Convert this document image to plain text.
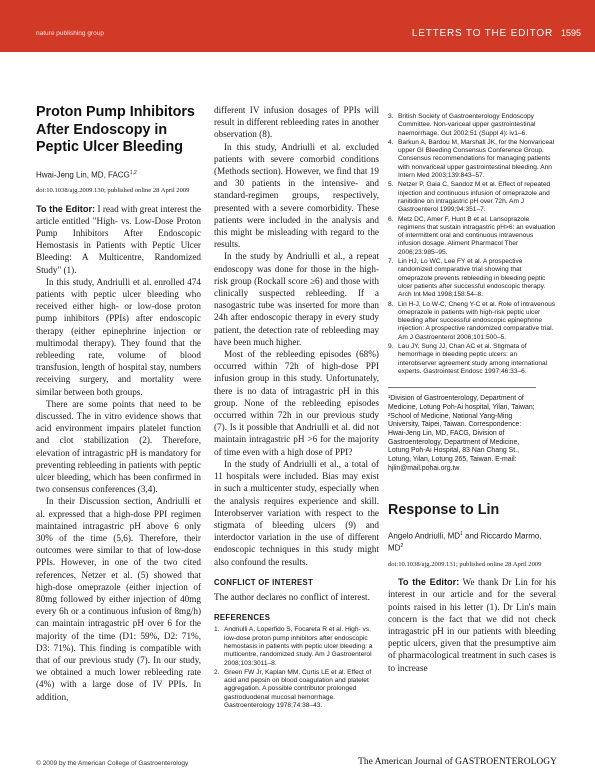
nature publishing group	LETTERS TO THE EDITOR 1595
Proton Pump Inhibitors After Endoscopy in Peptic Ulcer Bleeding
Hwai-Jeng Lin, MD, FACG$^{1,2}$
doi:10.1038/ajg.2009.130; published online 28 April 2009

To the Editor: I read with great interest the article entitled "High- vs. Low-Dose Proton Pump Inhibitors After Endoscopic Hemostasis in Patients with Peptic Ulcer Bleeding: A Multicentre, Randomized Study" (1).

In this study, Andriulli et al. enrolled 474 patients with peptic ulcer bleeding who received either high- or low-dose proton pump inhibitors (PPIs) after endoscopic therapy (either epinephrine injection or multimodal therapy). They found that the rebleeding rate, volume of blood transfusion, length of hospital stay, numbers receiving surgery, and mortality were similar between both groups.

There are some points that need to be discussed. The in vitro evidence shows that acid environment impairs platelet function and clot stabilization (2). Therefore, elevation of intragastric pH is mandatory for preventing rebleeding in patients with peptic ulcer bleeding, which has been confirmed in two consensus conferences (3,4).

In their Discussion section, Andriulli et al. expressed that a high-dose PPI regimen maintained intragastric pH above 6 only 30% of the time (5,6). Therefore, their outcomes were similar to that of low-dose PPIs. However, in one of the two cited references, Netzer et al. (5) showed that high-dose omeprazole (either injection of 80mg followed by either injection of 40mg every 6h or a continuous infusion of 8mg/h) can maintain intragastric pH over 6 for the majority of the time (D1: 59%, D2: 71%, D3: 71%). This finding is compatible with that of our previous study (7). In our study, we obtained a much lower rebleeding rate (4%) with a large dose of IV PPIs. In addition,

different IV infusion dosages of PPIs will result in different rebleeding rates in another observation (8).

In this study, Andriulli et al. excluded patients with severe comorbid conditions (Methods section). However, we find that 19 and 30 patients in the intensive- and standard-regimen groups, respectively, presented with a severe comorbidity. These patients were included in the analysis and this might be misleading with regard to the results.

In the study by Andriulli et al., a repeat endoscopy was done for those in the high-risk group (Rockall score ≥6) and those with clinically suspected rebleeding. If a nasogastric tube was inserted for more than 24h after endoscopic therapy in every study patient, the detection rate of rebleeding may have been much higher.

Most of the rebleeding episodes (68%) occurred within 72h of high-dose PPI infusion group in this study. Unfortunately, there is no data of intragastric pH in this group. None of the rebleeding episodes occurred within 72h in our previous study (7). Is it possible that Andriulli et al. did not maintain intragastric pH >6 for the majority of time even with a high dose of PPI?

In the study of Andriulli et al., a total of 11 hospitals were included. Bias may exist in such a multicenter study, especially when the analysis requires experience and skill. Interobserver variation with respect to the stigmata of bleeding ulcers (9) and interdoctor variation in the use of different endoscopic techniques in this study might also confound the results.

CONFLICT OF INTEREST

The author declares no conflict of interest.

REFERENCES
1. Andriulli A, Loperfido S, Focareta R et al. High- vs. low-dose proton pump inhibitors after endoscopic hemostasis in patients with peptic ulcer bleeding: a multicentre, randomized study. Am J Gastroenterol 2008;103:3011–8.
2. Green FW Jr, Kaplan MM, Curtis LE et al. Effect of acid and pepsin on blood coagulation and platelet aggregation. A possible contributor prolonged gastroduodenal mucosal hemorrhage. Gastroenterology 1978;74:38–43.
3. British Society of Gastroenterology Endoscopy Committee. Non-variceal upper gastrointestinal haemorrhage. Gut 2002;51 (Suppl 4): iv1–6.
4. Barkun A, Bardou M, Marshall JK, for the Nonvariceal upper GI Bleeding Consensus Conference Group. Consensus recommendations for managing patients with nonvariceal upper gastrointestinal bleeding. Ann Intern Med 2003;139:843–57.
5. Netzer P, Gaia C, Sandoz M et al. Effect of repeated injection and continuous infusion of omeprazole and ranitidine on intragastric pH over 72h. Am J Gastroenterol 1999;94:351–7.
6. Metz DC, Amer F, Hunt B et al. Lansoprazole regimens that sustain intragastric pH>6: an evaluation of intermittent oral and continuous intravenous infusion dosage. Aliment Pharmacol Ther 2006;23:985–95.
7. Lin HJ, Lo WC, Lee FY et al. A prospective randomized comparative trial showing that omeprazole prevents rebleeding in bleeding peptic ulcer patients after successful endoscopic therapy. Arch Int Med 1998;158:54–8.
8. Lin H-J, Lo W-C, Cheng Y-C et al. Role of intravenous omeprazole in patients with high-risk peptic ulcer bleeding after successful endoscopic epinephrine injection: A prospective randomized comparative trial. Am J Gastroenterol 2006;101:500–5.
9. Lau JY, Sung JJ, Chan AC et al. Stigmata of hemorrhage in bleeding peptic ulcers: an interobserver agreement study among international experts. Gastrointest Endosc 1997;46:33–6.
¹Division of Gastroenterology, Department of Medicine, Lotung Poh-Ai hospital, Yilan, Taiwan; ²School of Medicine, National Yang-Ming University, Taipei, Taiwan. Correspondence: Hwai-Jeng Lin, MD, FACG, Division of Gastroenterology, Department of Medicine, Lotung Poh-Ai Hospital, 83 Nan Chang St., Lotung, Yilan, Lotung 265, Taiwan. E-mail: hjlin@mail.pohai.org.tw
Response to Lin
Angelo Andriulli, $MD^1$ and Riccardo Marmo, $MD^2$
doi:10.1038/ajg.2009.131; published online 28 April 2009

To the Editor: We thank Dr Lin for his interest in our article and for the several points raised in his letter (1). Dr Lin's main concern is the fact that we did not check intragastric pH in our patients with bleeding peptic ulcers, given that the presumptive aim of pharmacological treatment in such cases is to increase

© 2009 by the American College of Gastroenterology	The American Journal of GASTROENTEROLOGY
